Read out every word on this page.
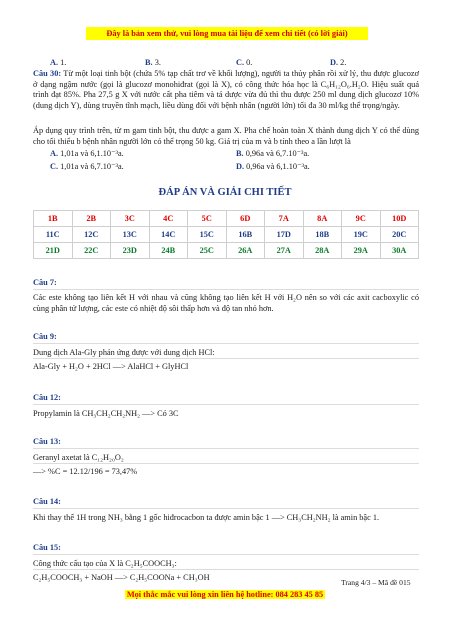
Đây là bản xem thử, vui lòng mua tài liệu để xem chi tiết (có lời giải)
A. 1.	B. 3.	C. 0.	D. 2.
Câu 30: Từ một loại tinh bột (chứa 5% tạp chất trơ về khối lượng), người ta thủy phân rồi xử lý, thu được glucozơ ở dạng ngậm nước (gọi là glucozơ monohiđrat (gọi là X), có công thức hóa học là C₆H₁₂O₆.H₂O. Hiệu suất quá trình đạt 85%. Pha 27,5 g X với nước cất pha tiêm và tá dược vừa đủ thì thu được 250 ml dung dịch glucozơ 10% (dung dịch Y), dùng truyền tĩnh mạch, liều dùng đối với bệnh nhân (người lớn) tối đa 30 ml/kg thể trọng/ngày.
Áp dụng quy trình trên, từ m gam tinh bột, thu được a gam X. Pha chế hoàn toàn X thành dung dịch Y có thể dùng cho tối thiểu b bệnh nhân người lớn có thể trọng 50 kg. Giá trị của m và b tính theo a lần lượt là
A. 1,01a và 6,1.10⁻³a.	B. 0,96a và 6,7.10⁻³a.
C. 1,01a và 6,7.10⁻³a.	D. 0,96a và 6,1.10⁻³a.
ĐÁP ÁN VÀ GIẢI CHI TIẾT
1B	2B	3C	4C	5C	6D	7A	8A	9C	10D
11C	12C	13C	14C	15C	16B	17D	18B	19C	20C
21D	22C	23D	24B	25C	26A	27A	28A	29A	30A
Câu 7:
Các este không tạo liên kết H với nhau và cũng không tạo liên kết H với H₂O nên so với các axit cacboxylic có cùng phân tử lượng, các este có nhiệt độ sôi thấp hơn và độ tan nhỏ hơn.
Câu 9:
Dung dịch Ala-Gly phản ứng được với dung dịch HCl:
Ala-Gly + H₂O + 2HCl —> AlaHCl + GlyHCl
Câu 12:
Propylamin là CH₃CH₂CH₂NH₂ —> Có 3C
Câu 13:
Geranyl axetat là C₁₂H₂₀O₂
—> %C = 12.12/196 = 73,47%
Câu 14:
Khi thay thế 1H trong NH₃ bằng 1 gốc hiđrocacbon ta được amin bậc 1 —> CH₃CH₂NH₂ là amin bậc 1.
Câu 15:
Công thức cấu tạo của X là C₂H₅COOCH₃:
C₂H₅COOCH₃ + NaOH —> C₂H₅COONa + CH₃OH
Trang 4/3 – Mã đề 015
Mọi thắc mắc vui lòng xin liên hệ hotline: 084 283 45 85
